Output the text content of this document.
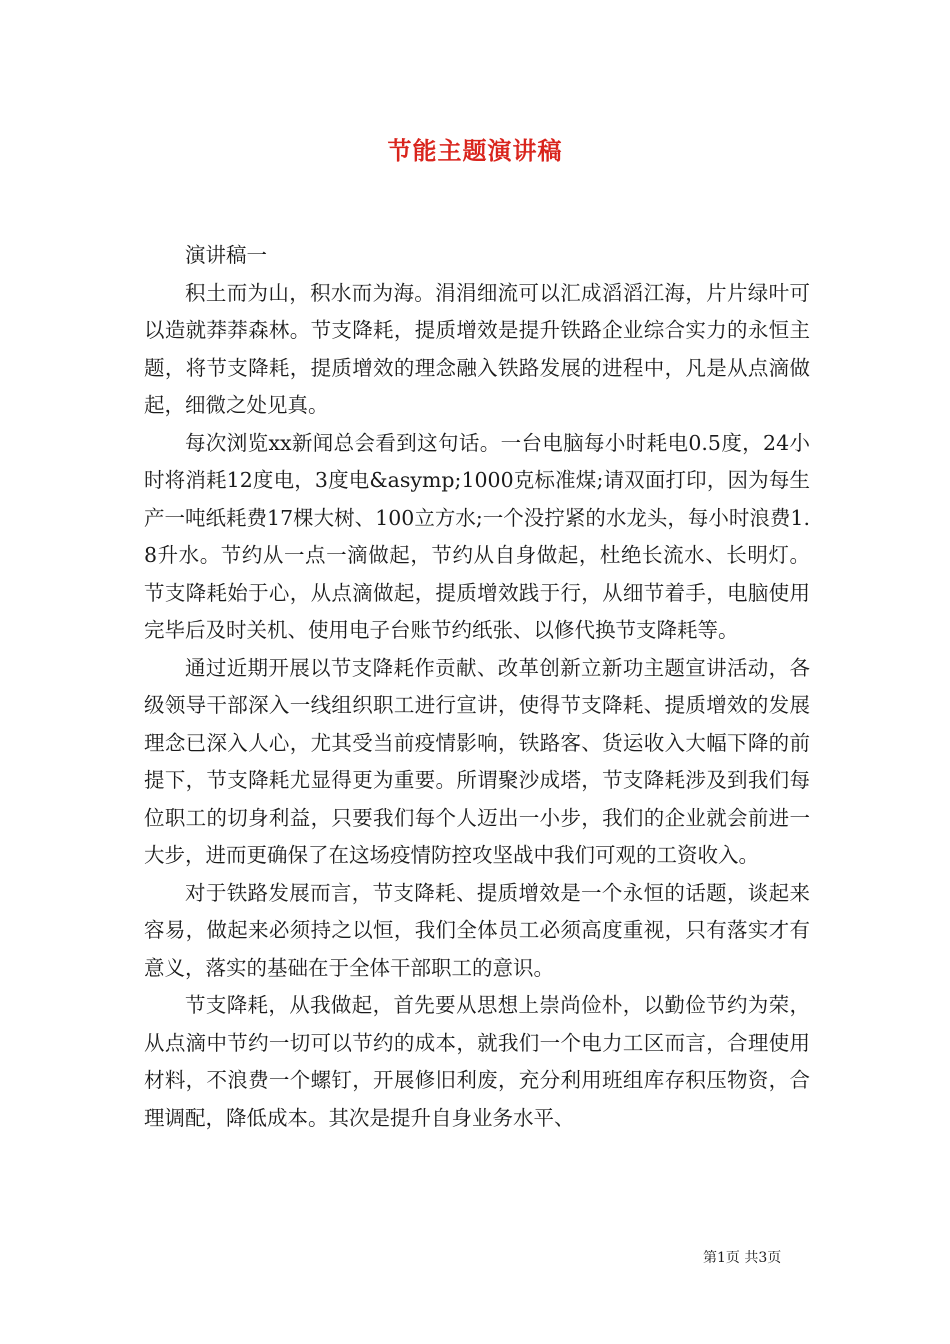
节能主题演讲稿

演讲稿一

积土而为山，积水而为海。涓涓细流可以汇成滔滔江海，片片绿叶可以造就莽莽森林。节支降耗，提质增效是提升铁路企业综合实力的永恒主题，将节支降耗，提质增效的理念融入铁路发展的进程中，凡是从点滴做起，细微之处见真。

每次浏览xx新闻总会看到这句话。一台电脑每小时耗电0.5度，24小时将消耗12度电，3度电&asymp;1000克标准煤;请双面打印，因为每生产一吨纸耗费17棵大树、100立方水;一个没拧紧的水龙头，每小时浪费1.8升水。节约从一点一滴做起，节约从自身做起，杜绝长流水、长明灯。节支降耗始于心，从点滴做起，提质增效践于行，从细节着手，电脑使用完毕后及时关机、使用电子台账节约纸张、以修代换节支降耗等。

通过近期开展以节支降耗作贡献、改革创新立新功主题宣讲活动，各级领导干部深入一线组织职工进行宣讲，使得节支降耗、提质增效的发展理念已深入人心，尤其受当前疫情影响，铁路客、货运收入大幅下降的前提下，节支降耗尤显得更为重要。所谓聚沙成塔，节支降耗涉及到我们每位职工的切身利益，只要我们每个人迈出一小步，我们的企业就会前进一大步，进而更确保了在这场疫情防控攻坚战中我们可观的工资收入。

对于铁路发展而言，节支降耗、提质增效是一个永恒的话题，谈起来容易，做起来必须持之以恒，我们全体员工必须高度重视，只有落实才有意义，落实的基础在于全体干部职工的意识。

节支降耗，从我做起，首先要从思想上崇尚俭朴，以勤俭节约为荣，从点滴中节约一切可以节约的成本，就我们一个电力工区而言，合理使用材料，不浪费一个螺钉，开展修旧利废，充分利用班组库存积压物资，合理调配，降低成本。其次是提升自身业务水平、

第1页 共3页
